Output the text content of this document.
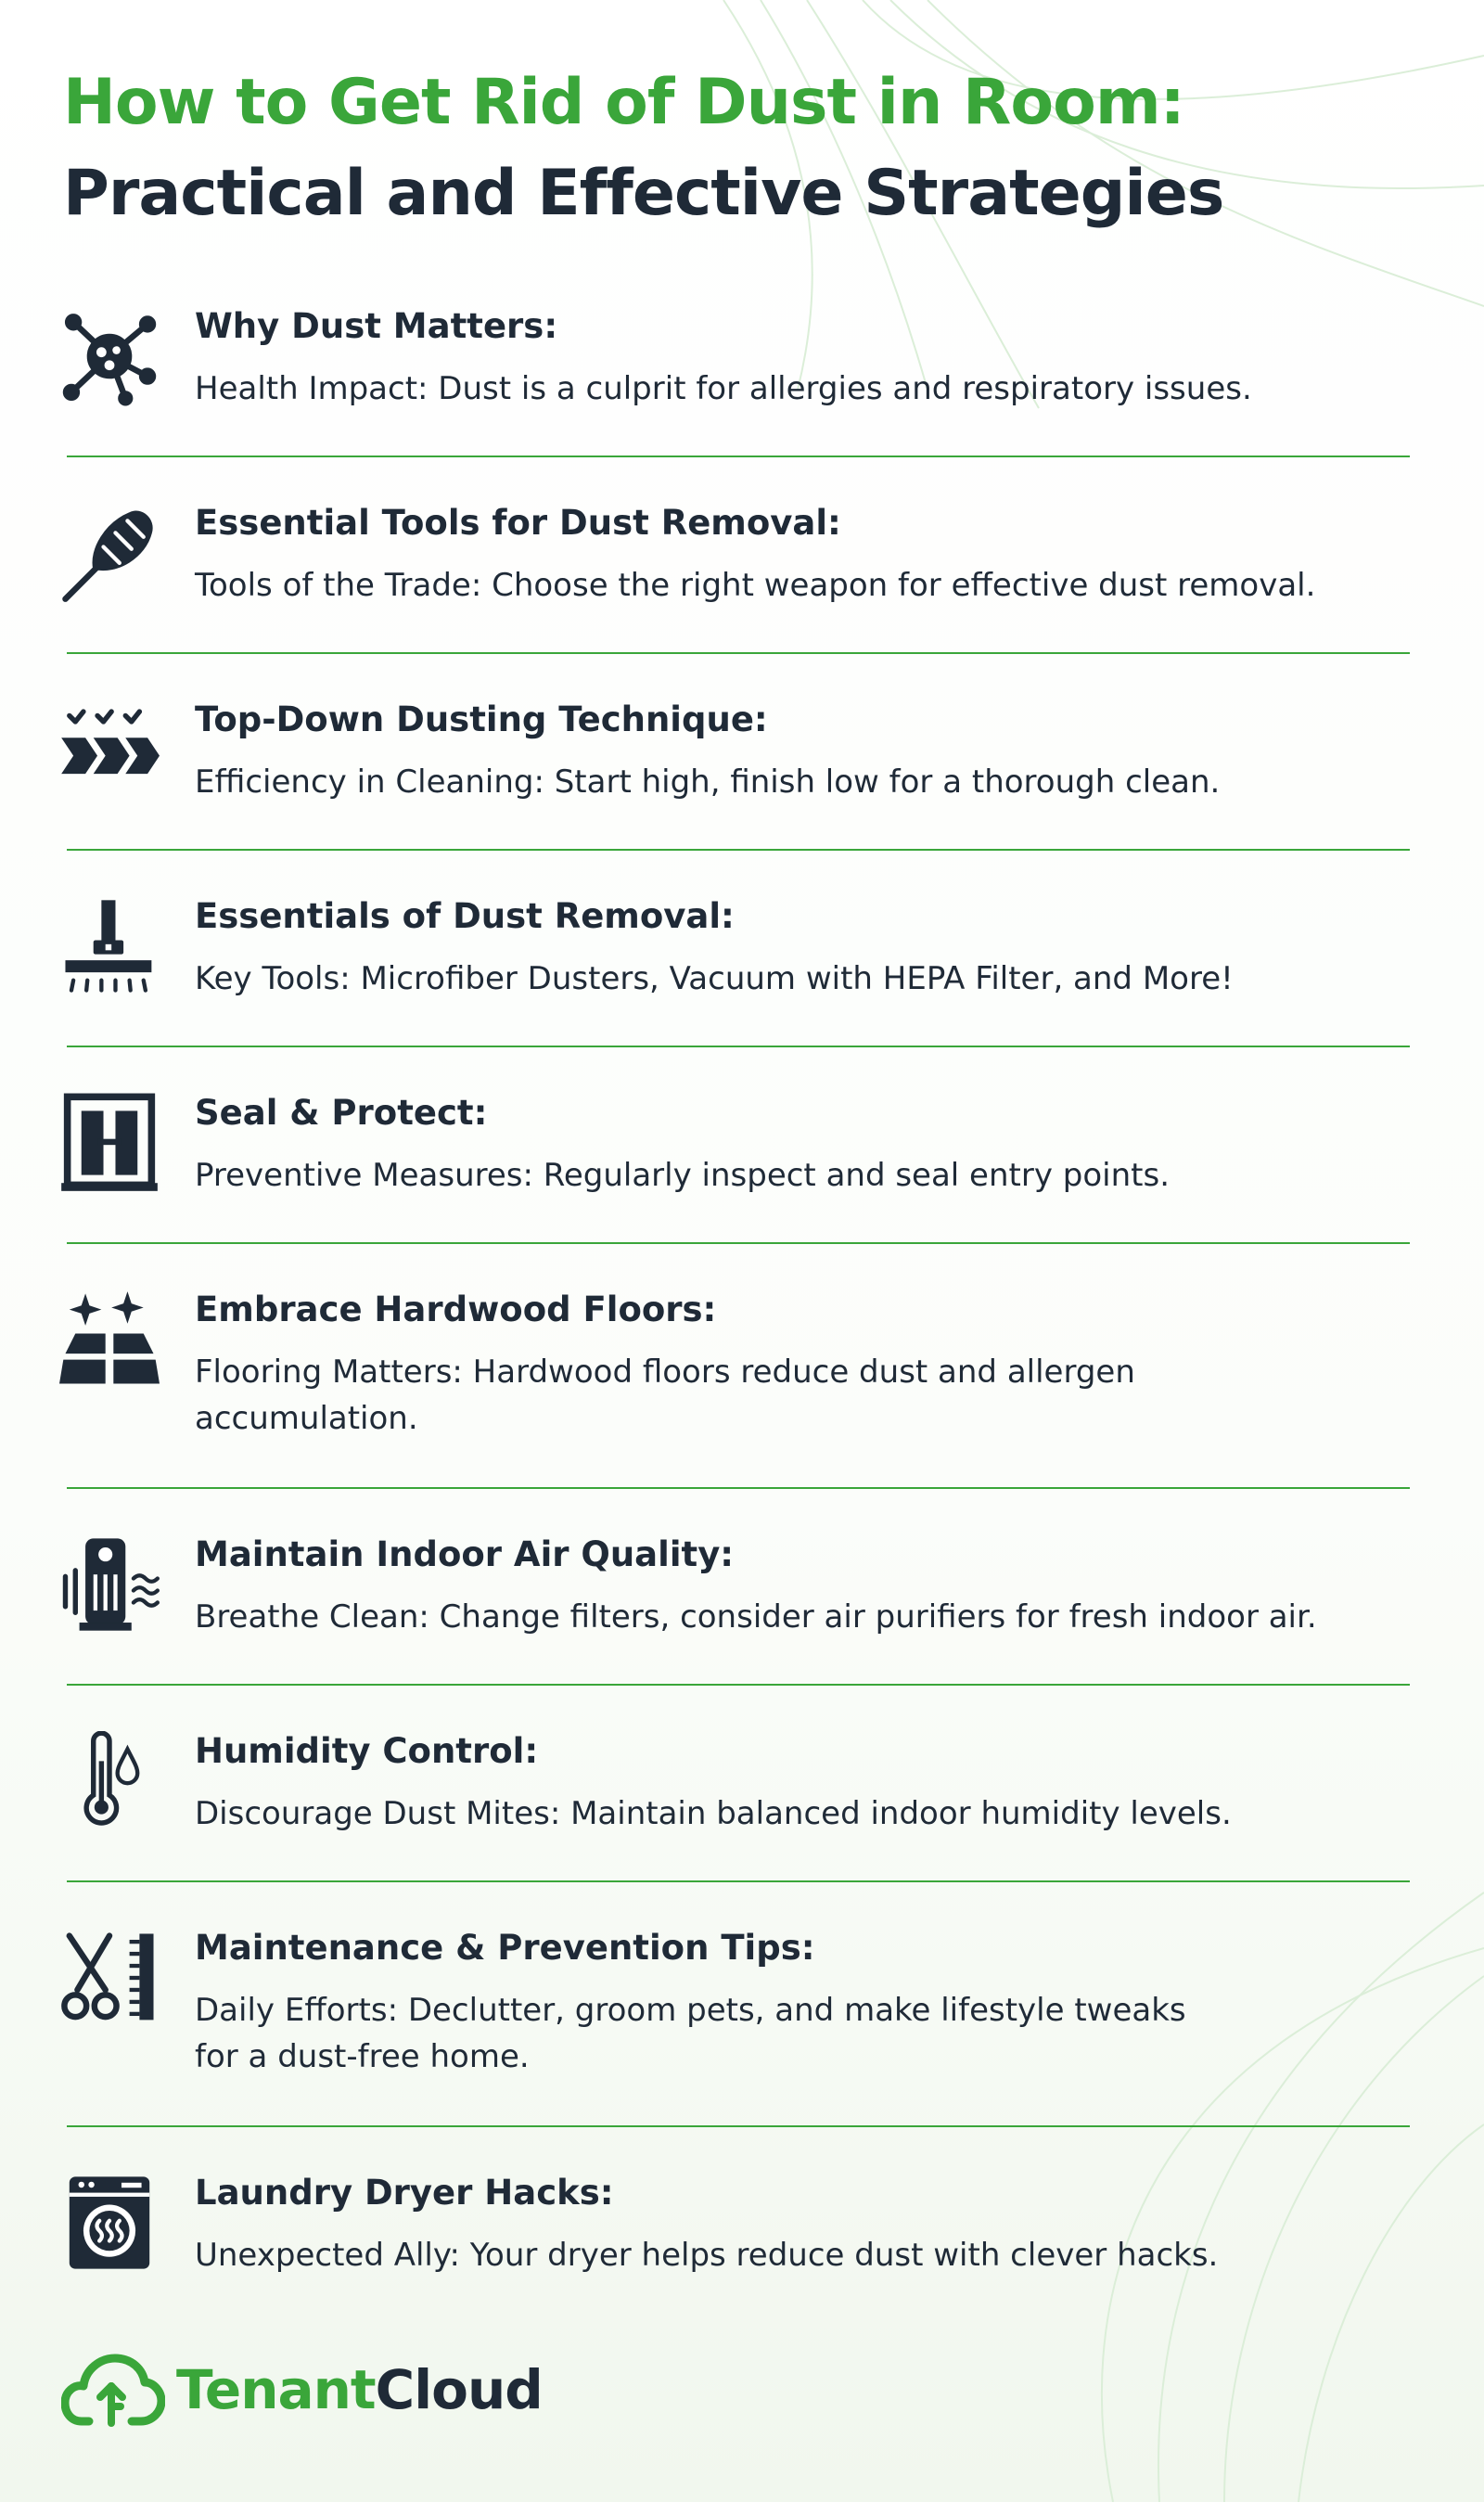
How to Get Rid of Dust in Room:
Practical and Effective Strategies
Why Dust Matters:
Health Impact: Dust is a culprit for allergies and respiratory issues.
Essential Tools for Dust Removal:
Tools of the Trade: Choose the right weapon for effective dust removal.
Top-Down Dusting Technique:
Efficiency in Cleaning: Start high, finish low for a thorough clean.
Essentials of Dust Removal:
Key Tools: Microfiber Dusters, Vacuum with HEPA Filter, and More!
Seal & Protect:
Preventive Measures: Regularly inspect and seal entry points.
Embrace Hardwood Floors:
Flooring Matters: Hardwood floors reduce dust and allergen
accumulation.
Maintain Indoor Air Quality:
Breathe Clean: Change filters, consider air purifiers for fresh indoor air.
Humidity Control:
Discourage Dust Mites: Maintain balanced indoor humidity levels.
Maintenance & Prevention Tips:
Daily Efforts: Declutter, groom pets, and make lifestyle tweaks
for a dust-free home.
Laundry Dryer Hacks:
Unexpected Ally: Your dryer helps reduce dust with clever hacks.
TenantCloud
